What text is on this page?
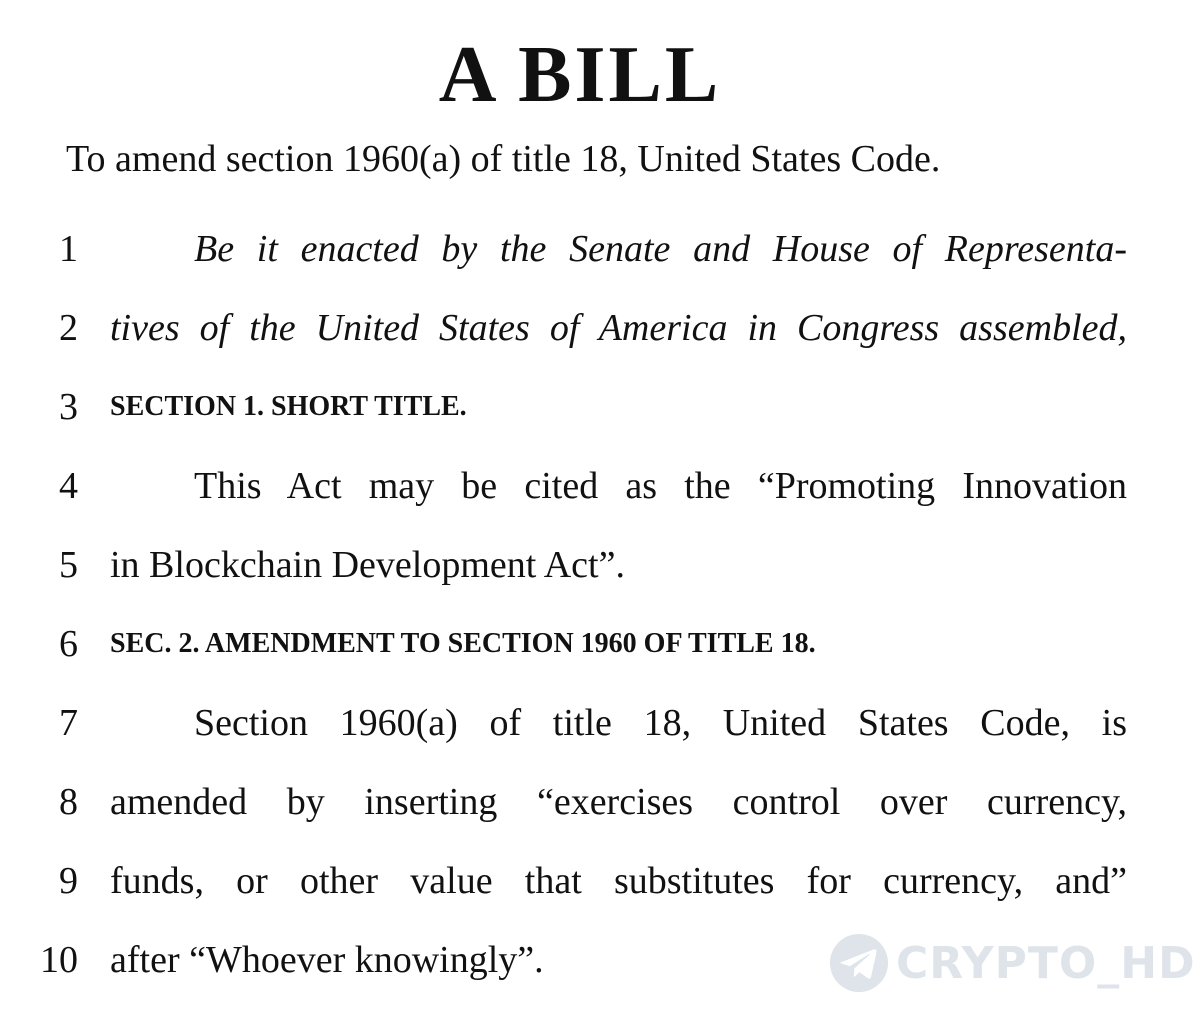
A BILL
To amend section 1960(a) of title 18, United States Code.
1	Be it enacted by the Senate and House of Representa-
2 tives of the United States of America in Congress assembled,
3 SECTION 1. SHORT TITLE.
4	This Act may be cited as the “Promoting Innovation
5 in Blockchain Development Act”.
6 SEC. 2. AMENDMENT TO SECTION 1960 OF TITLE 18.
7	Section 1960(a) of title 18, United States Code, is
8 amended by inserting “exercises control over currency,
9 funds, or other value that substitutes for currency, and”
10 after “Whoever knowingly”.	CRYPTO_HD
